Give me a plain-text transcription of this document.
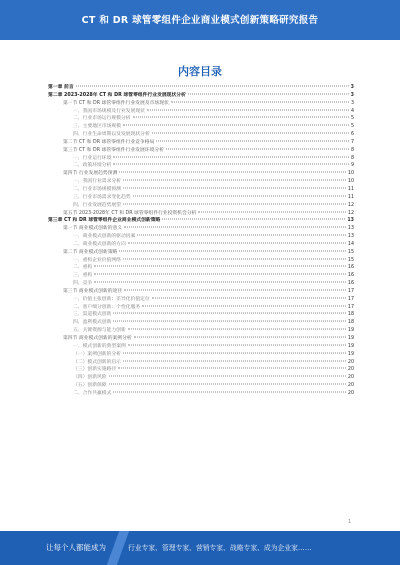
CT 和 DR 球管零组件企业商业模式创新策略研究报告
内容目录
第一章 前言	3
第二章 2023-2028年 CT 和 DR 球管零组件行业发展现状分析	3
第一节 CT 和 DR 球管零组件行业发展及市场现状	3
一、我国市场规模及行业发展现状	4
二、行业市场运行规模分析	5
三、主要地区市场规模	5
四、行业生命周期以及发展现状分析	6
第二节 CT 和 DR 球管零组件行业竞争格局	7
第三节 CT 和 DR 球管零组件行业发展环境分析	8
一、行业运行环境	8
二、政策环境分析	9
第四节 行业发展趋势预测	10
一、我国行业需求分析	10
二、行业市场规模预测	11
三、行业市场需求变化趋势	11
四、行业发展趋势展望	12
第五节 2023-2028年 CT 和 DR 球管零组件行业投资机会分析	12
第三章 CT 和 DR 球管零组件企业商业模式创新策略	13
第一节 商业模式创新的意义	13
一、商业模式创新的驱动因素	13
二、商业模式创新的方向	14
第二节 商业模式创新策略	15
一、重构企业价值网络	15
二、重构	16
三、重构	16
四、竞争	16
第三节 商业模式创新的途径	17
一、价值主张创新：差异化价值定位	17
二、客户细分创新：个性化服务	17
三、渠道模式创新	18
四、盈利模式创新	18
五、关键资源与能力创新	19
第四节 商业模式创新的案例分析	19
一、模式创新的典型案例	19
（一）案例创新的分析	19
（二）模式创新的启示	20
（三）创新实施路径	20
（四）创新风险	20
（五）创新保障	20
二、合作共赢模式	20
1
让每个人都能成为	行业专家、管理专家、营销专家、战略专家、成为企业家……
